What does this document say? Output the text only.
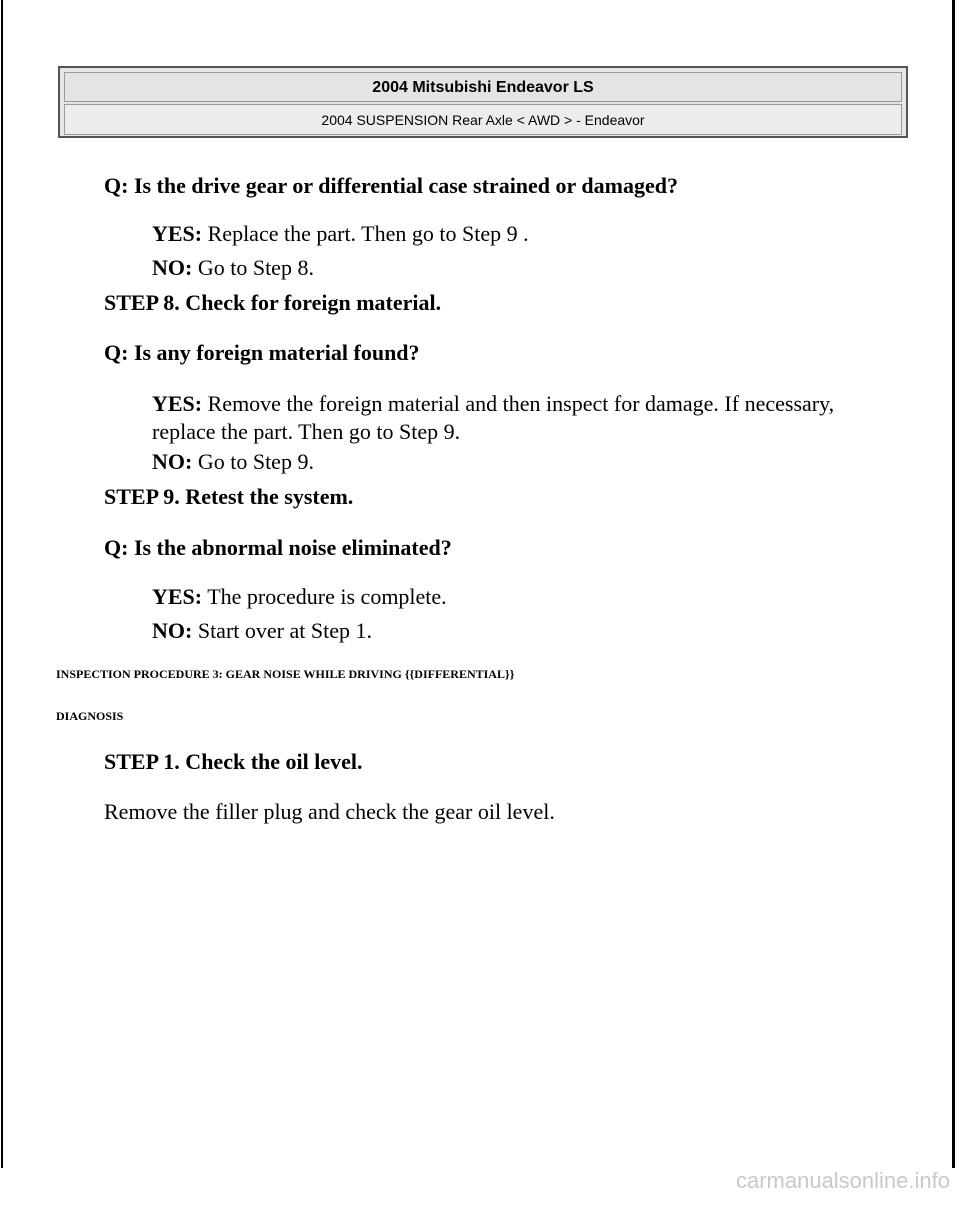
2004 Mitsubishi Endeavor LS
2004 SUSPENSION Rear Axle < AWD > - Endeavor
Q: Is the drive gear or differential case strained or damaged?
YES: Replace the part. Then go to Step 9 .
NO: Go to Step 8.
STEP 8. Check for foreign material.
Q: Is any foreign material found?
YES: Remove the foreign material and then inspect for damage. If necessary, replace the part. Then go to Step 9.
NO: Go to Step 9.
STEP 9. Retest the system.
Q: Is the abnormal noise eliminated?
YES: The procedure is complete.
NO: Start over at Step 1.
INSPECTION PROCEDURE 3: GEAR NOISE WHILE DRIVING {{DIFFERENTIAL}}
DIAGNOSIS
STEP 1. Check the oil level.
Remove the filler plug and check the gear oil level.
carmanualsonline.info
